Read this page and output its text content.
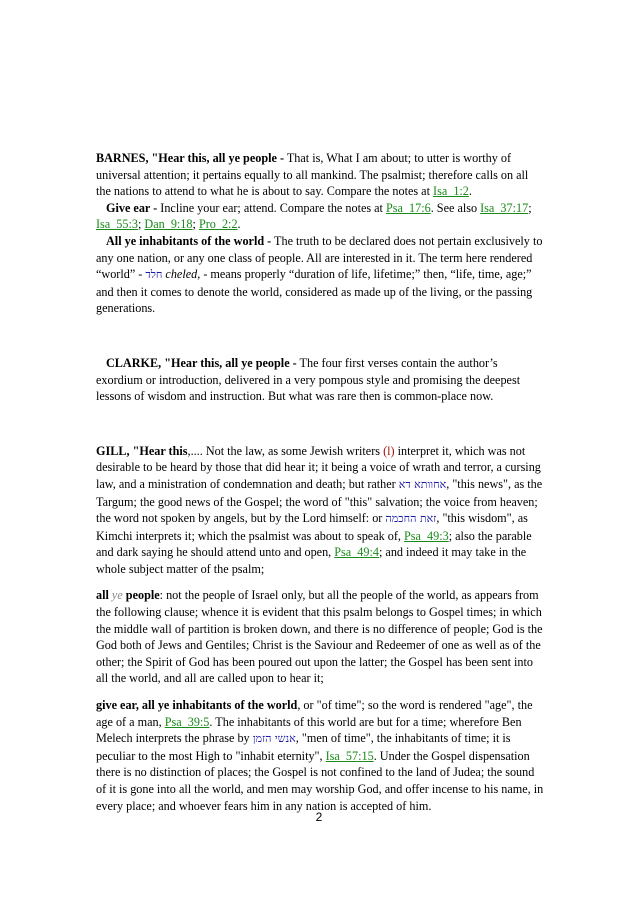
BARNES, "Hear this, all ye people - That is, What I am about; to utter is worthy of universal attention; it pertains equally to all mankind. The psalmist; therefore calls on all the nations to attend to what he is about to say. Compare the notes at Isa_1:2.

Give ear - Incline your ear; attend. Compare the notes at Psa_17:6. See also Isa_37:17; Isa_55:3; Dan_9:18; Pro_2:2.

All ye inhabitants of the world - The truth to be declared does not pertain exclusively to any one nation, or any one class of people. All are interested in it. The term here rendered “world” - חלד cheled, - means properly “duration of life, lifetime;” then, “life, time, age;” and then it comes to denote the world, considered as made up of the living, or the passing generations.

CLARKE, "Hear this, all ye people - The four first verses contain the author’s exordium or introduction, delivered in a very pompous style and promising the deepest lessons of wisdom and instruction. But what was rare then is common-place now.

GILL, "Hear this,.... Not the law, as some Jewish writers (l) interpret it, which was not desirable to be heard by those that did hear it; it being a voice of wrath and terror, a cursing law, and a ministration of condemnation and death; but rather אחוותא דא, "this news", as the Targum; the good news of the Gospel; the word of "this" salvation; the voice from heaven; the word not spoken by angels, but by the Lord himself: or זאת החכמה, "this wisdom", as Kimchi interprets it; which the psalmist was about to speak of, Psa_49:3; also the parable and dark saying he should attend unto and open, Psa_49:4; and indeed it may take in the whole subject matter of the psalm;

all ye people: not the people of Israel only, but all the people of the world, as appears from the following clause; whence it is evident that this psalm belongs to Gospel times; in which the middle wall of partition is broken down, and there is no difference of people; God is the God both of Jews and Gentiles; Christ is the Saviour and Redeemer of one as well as of the other; the Spirit of God has been poured out upon the latter; the Gospel has been sent into all the world, and all are called upon to hear it;

give ear, all ye inhabitants of the world, or "of time"; so the word is rendered "age", the age of a man, Psa_39:5. The inhabitants of this world are but for a time; wherefore Ben Melech interprets the phrase by אנשי הזמן, "men of time", the inhabitants of time; it is peculiar to the most High to "inhabit eternity", Isa_57:15. Under the Gospel dispensation there is no distinction of places; the Gospel is not confined to the land of Judea; the sound of it is gone into all the world, and men may worship God, and offer incense to his name, in every place; and whoever fears him in any nation is accepted of him.

2
